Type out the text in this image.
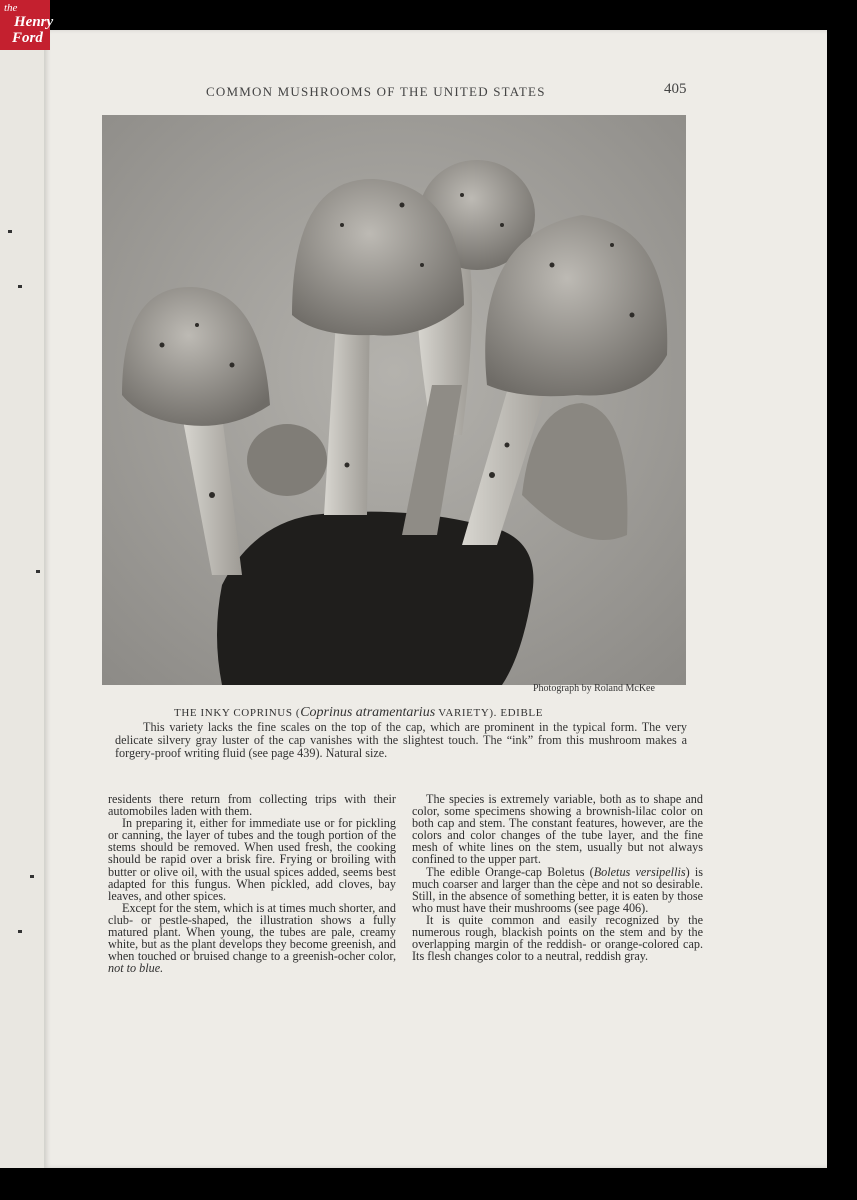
the
Henry
Ford
COMMON MUSHROOMS OF THE UNITED STATES	405
Photograph by Roland McKee
THE INKY COPRINUS (Coprinus atramentarius VARIETY). EDIBLE
This variety lacks the fine scales on the top of the cap, which are prominent in the typical form. The very delicate silvery gray luster of the cap vanishes with the slightest touch. The “ink” from this mushroom makes a forgery-proof writing fluid (see page 439). Natural size.

residents there return from collecting trips with their automobiles laden with them.

In preparing it, either for immediate use or for pickling or canning, the layer of tubes and the tough portion of the stems should be removed. When used fresh, the cooking should be rapid over a brisk fire. Frying or broiling with butter or olive oil, with the usual spices added, seems best adapted for this fungus. When pickled, add cloves, bay leaves, and other spices.

Except for the stem, which is at times much shorter, and club- or pestle-shaped, the illustration shows a fully matured plant. When young, the tubes are pale, creamy white, but as the plant develops they become greenish, and when touched or bruised change to a greenish-ocher color, not to blue.

The species is extremely variable, both as to shape and color, some specimens showing a brownish-lilac color on both cap and stem. The constant features, however, are the colors and color changes of the tube layer, and the fine mesh of white lines on the stem, usually but not always confined to the upper part.

The edible Orange-cap Boletus (Boletus versipellis) is much coarser and larger than the cèpe and not so desirable. Still, in the absence of something better, it is eaten by those who must have their mushrooms (see page 406).

It is quite common and easily recognized by the numerous rough, blackish points on the stem and by the overlapping margin of the reddish- or orange-colored cap. Its flesh changes color to a neutral, reddish gray.
